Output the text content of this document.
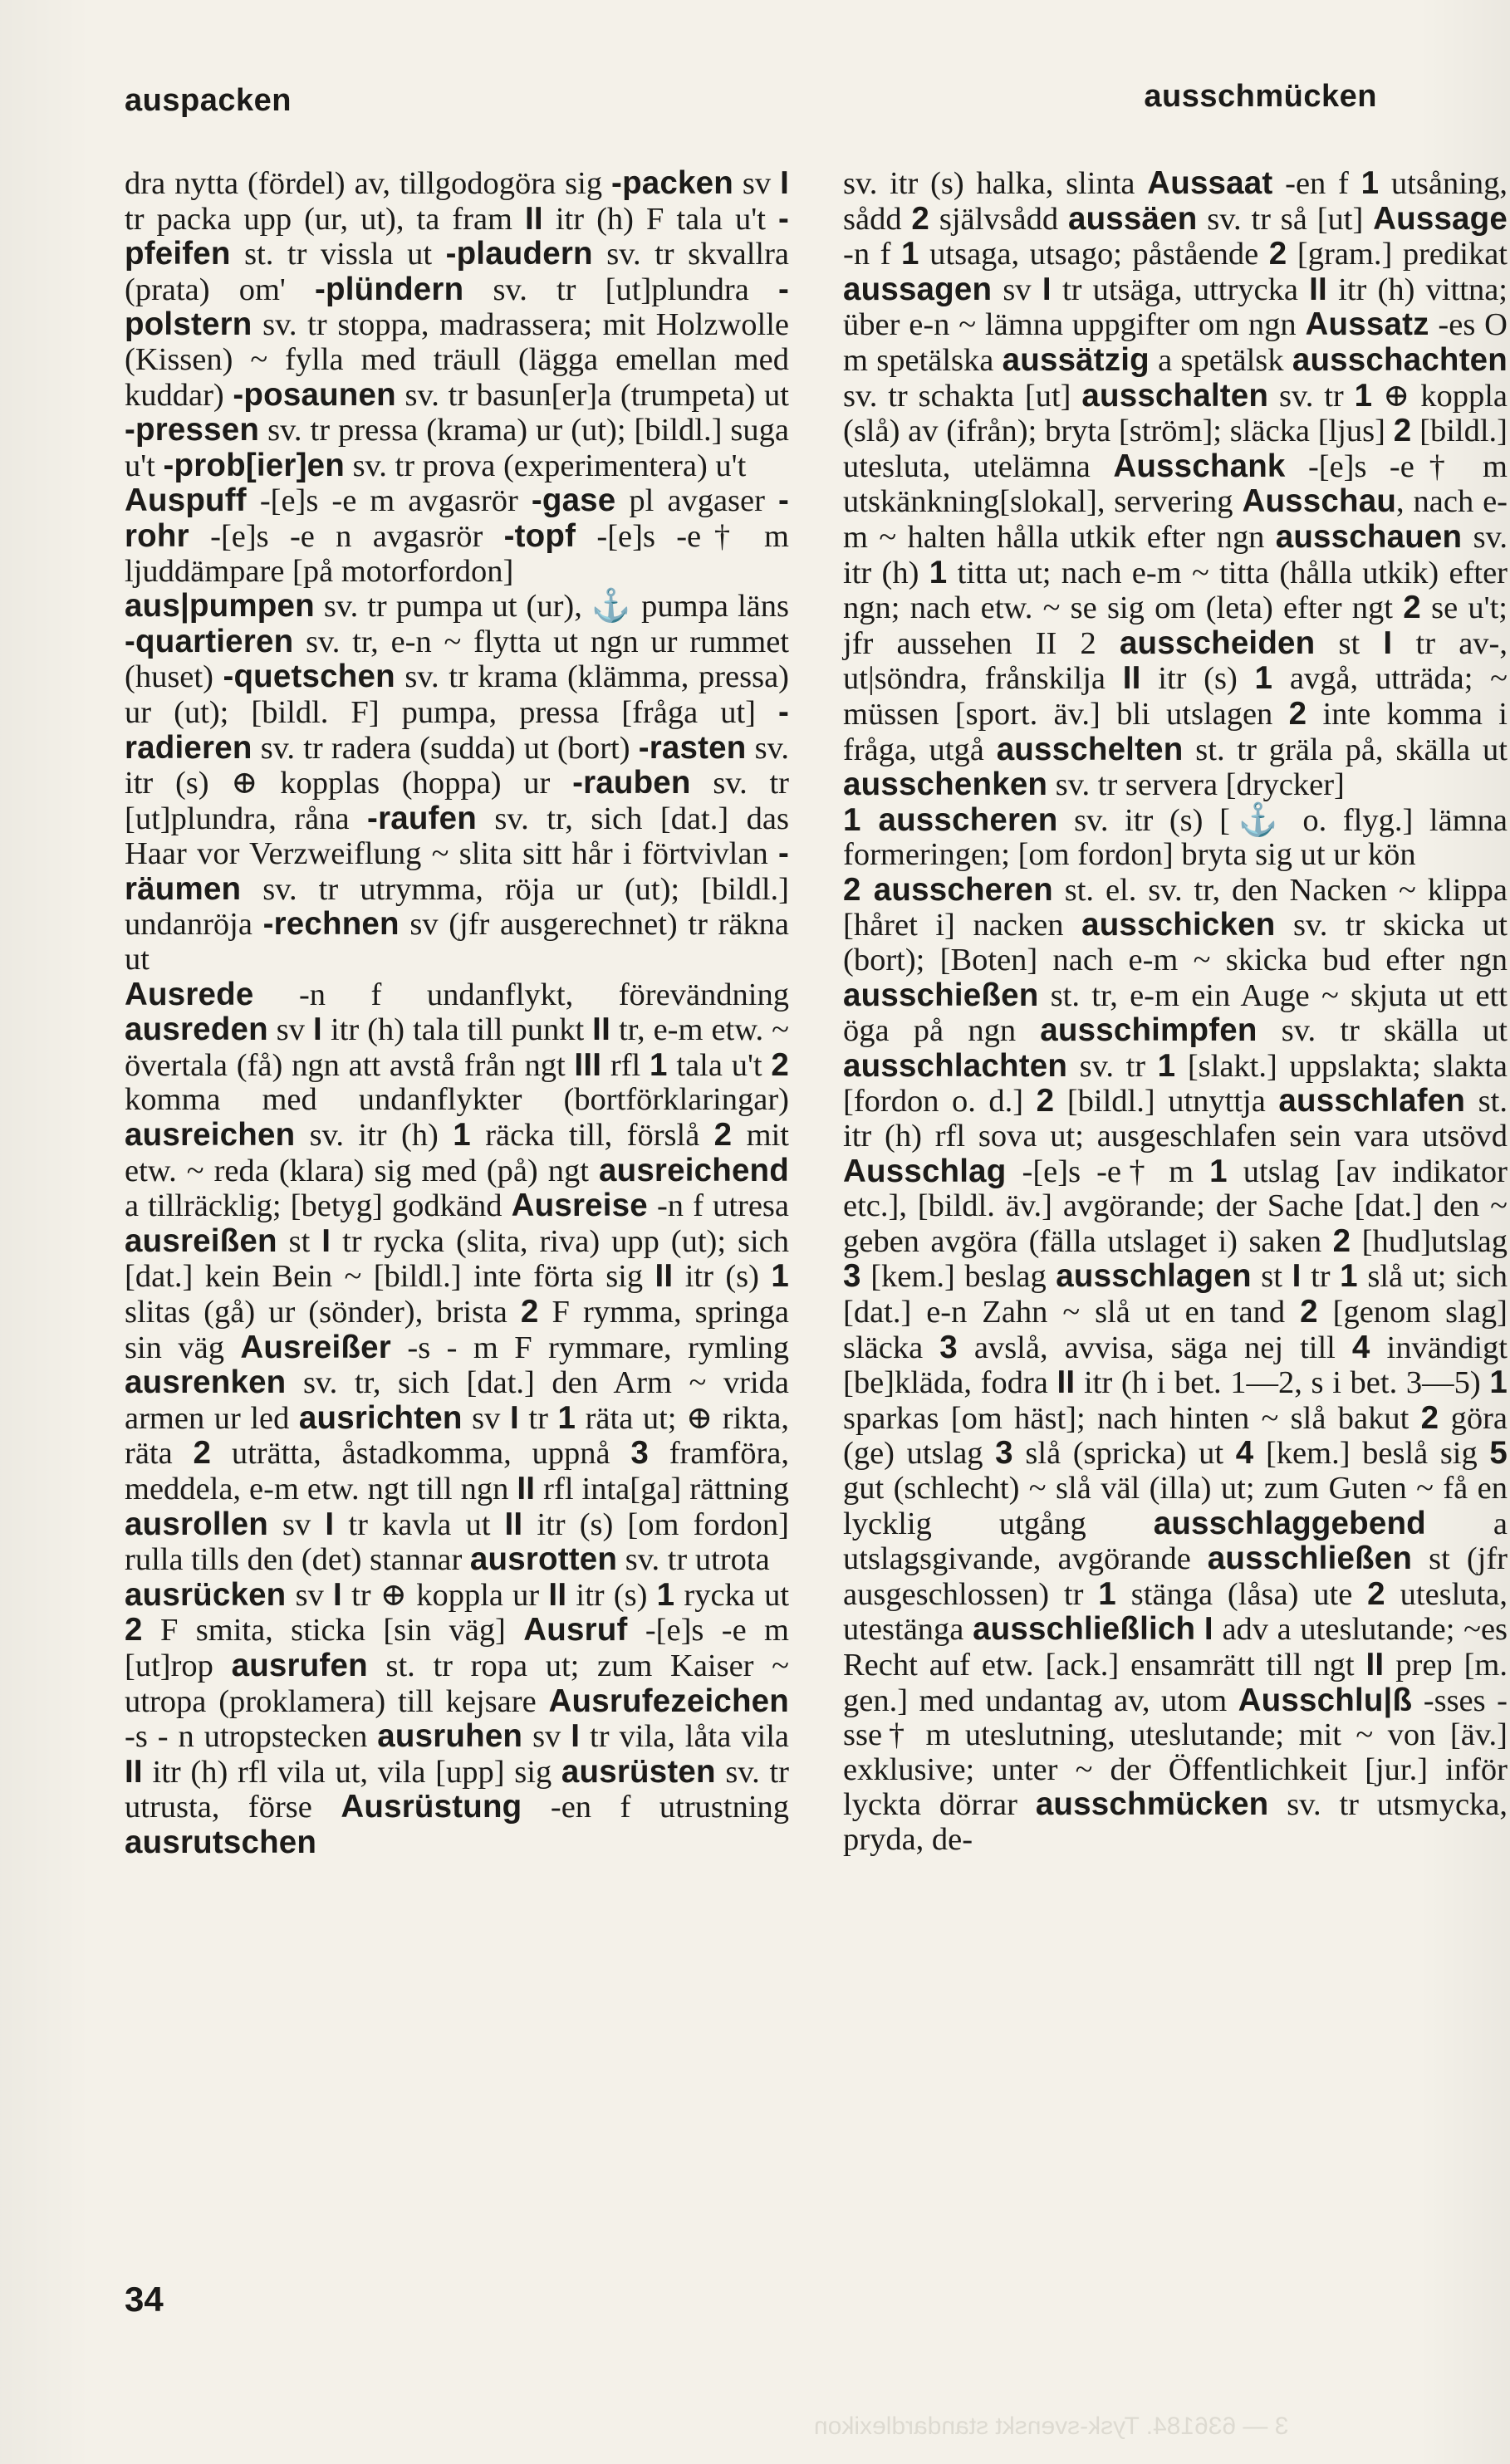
auspacken	ausschmücken

dra nytta (fördel) av, tillgodogöra sig -packen sv I tr packa upp (ur, ut), ta fram II itr (h) F tala u't -pfeifen st. tr vissla ut -plaudern sv. tr skvallra (prata) om' -plündern sv. tr [ut]plundra -polstern sv. tr stoppa, madrassera; mit Holzwolle (Kissen) ~ fylla med träull (lägga emellan med kuddar) -posaunen sv. tr basun[er]a (trumpeta) ut -pressen sv. tr pressa (krama) ur (ut); [bildl.] suga u't -prob[ier]en sv. tr prova (experimentera) u't

Auspuff -[e]s -e m avgasrör -gase pl avgaser -rohr -[e]s -e n avgasrör -topf -[e]s -e† m ljuddämpare [på motorfordon]

aus|pumpen sv. tr pumpa ut (ur), ⚓ pumpa läns -quartieren sv. tr, e-n ~ flytta ut ngn ur rummet (huset) -quetschen sv. tr krama (klämma, pressa) ur (ut); [bildl. F] pumpa, pressa [fråga ut] -radieren sv. tr radera (sudda) ut (bort) -rasten sv. itr (s) ⊕ kopplas (hoppa) ur -rauben sv. tr [ut]plundra, råna -raufen sv. tr, sich [dat.] das Haar vor Verzweiflung ~ slita sitt hår i förtvivlan -räumen sv. tr utrymma, röja ur (ut); [bildl.] undanröja -rechnen sv (jfr ausgerechnet) tr räkna ut

Ausrede -n f undanflykt, förevändning ausreden sv I itr (h) tala till punkt II tr, e-m etw. ~ övertala (få) ngn att avstå från ngt III rfl 1 tala u't 2 komma med undanflykter (bortförklaringar) ausreichen sv. itr (h) 1 räcka till, förslå 2 mit etw. ~ reda (klara) sig med (på) ngt ausreichend a tillräcklig; [betyg] godkänd Ausreise -n f utresa ausreißen st I tr rycka (slita, riva) upp (ut); sich [dat.] kein Bein ~ [bildl.] inte förta sig II itr (s) 1 slitas (gå) ur (sönder), brista 2 F rymma, springa sin väg Ausreißer -s - m F rymmare, rymling ausrenken sv. tr, sich [dat.] den Arm ~ vrida armen ur led ausrichten sv I tr 1 räta ut; ⊕ rikta, räta 2 uträtta, åstadkomma, uppnå 3 framföra, meddela, e-m etw. ngt till ngn II rfl inta[ga] rättning ausrollen sv I tr kavla ut II itr (s) [om fordon] rulla tills den (det) stannar ausrotten sv. tr utrota

ausrücken sv I tr ⊕ koppla ur II itr (s) 1 rycka ut 2 F smita, sticka [sin väg] Ausruf -[e]s -e m [ut]rop ausrufen st. tr ropa ut; zum Kaiser ~ utropa (proklamera) till kejsare Ausrufezeichen -s - n utropstecken ausruhen sv I tr vila, låta vila II itr (h) rfl vila ut, vila [upp] sig ausrüsten sv. tr utrusta, förse Ausrüstung -en f utrustning ausrutschen

sv. itr (s) halka, slinta Aussaat -en f 1 utsåning, sådd 2 självsådd aussäen sv. tr så [ut] Aussage -n f 1 utsaga, utsago; påstående 2 [gram.] predikat aussagen sv I tr utsäga, uttrycka II itr (h) vittna; über e-n ~ lämna uppgifter om ngn Aussatz -es O m spetälska aussätzig a spetälsk ausschachten sv. tr schakta [ut] ausschalten sv. tr 1 ⊕ koppla (slå) av (ifrån); bryta [ström]; släcka [ljus] 2 [bildl.] utesluta, utelämna Ausschank -[e]s -e† m utskänkning[slokal], servering Ausschau, nach e-m ~ halten hålla utkik efter ngn ausschauen sv. itr (h) 1 titta ut; nach e-m ~ titta (hålla utkik) efter ngn; nach etw. ~ se sig om (leta) efter ngt 2 se u't; jfr aussehen II 2 ausscheiden st I tr av-, ut|söndra, frånskilja II itr (s) 1 avgå, utträda; ~ müssen [sport. äv.] bli utslagen 2 inte komma i fråga, utgå ausschelten st. tr gräla på, skälla ut ausschenken sv. tr servera [drycker]

1 ausscheren sv. itr (s) [⚓ o. flyg.] lämna formeringen; [om fordon] bryta sig ut ur kön

2 ausscheren st. el. sv. tr, den Nacken ~ klippa [håret i] nacken ausschicken sv. tr skicka ut (bort); [Boten] nach e-m ~ skicka bud efter ngn ausschießen st. tr, e-m ein Auge ~ skjuta ut ett öga på ngn ausschimpfen sv. tr skälla ut ausschlachten sv. tr 1 [slakt.] uppslakta; slakta [fordon o. d.] 2 [bildl.] utnyttja ausschlafen st. itr (h) rfl sova ut; ausgeschlafen sein vara utsövd Ausschlag -[e]s -e† m 1 utslag [av indikator etc.], [bildl. äv.] avgörande; der Sache [dat.] den ~ geben avgöra (fälla utslaget i) saken 2 [hud]utslag 3 [kem.] beslag ausschlagen st I tr 1 slå ut; sich [dat.] e-n Zahn ~ slå ut en tand 2 [genom slag] släcka 3 avslå, avvisa, säga nej till 4 invändigt [be]kläda, fodra II itr (h i bet. 1—2, s i bet. 3—5) 1 sparkas [om häst]; nach hinten ~ slå bakut 2 göra (ge) utslag 3 slå (spricka) ut 4 [kem.] beslå sig 5 gut (schlecht) ~ slå väl (illa) ut; zum Guten ~ få en lycklig utgång ausschlaggebend a utslagsgivande, avgörande ausschließen st (jfr ausgeschlossen) tr 1 stänga (låsa) ute 2 utesluta, utestänga ausschließlich I adv a uteslutande; ~es Recht auf etw. [ack.] ensamrätt till ngt II prep [m. gen.] med undantag av, utom Ausschlu|ß -sses -sse† m uteslutning, uteslutande; mit ~ von [äv.] exklusive; unter ~ der Öffentlichkeit [jur.] inför lyckta dörrar ausschmücken sv. tr utsmycka, pryda, de-

34
3 — 636184. Tysk-svenskt standardlexikon
